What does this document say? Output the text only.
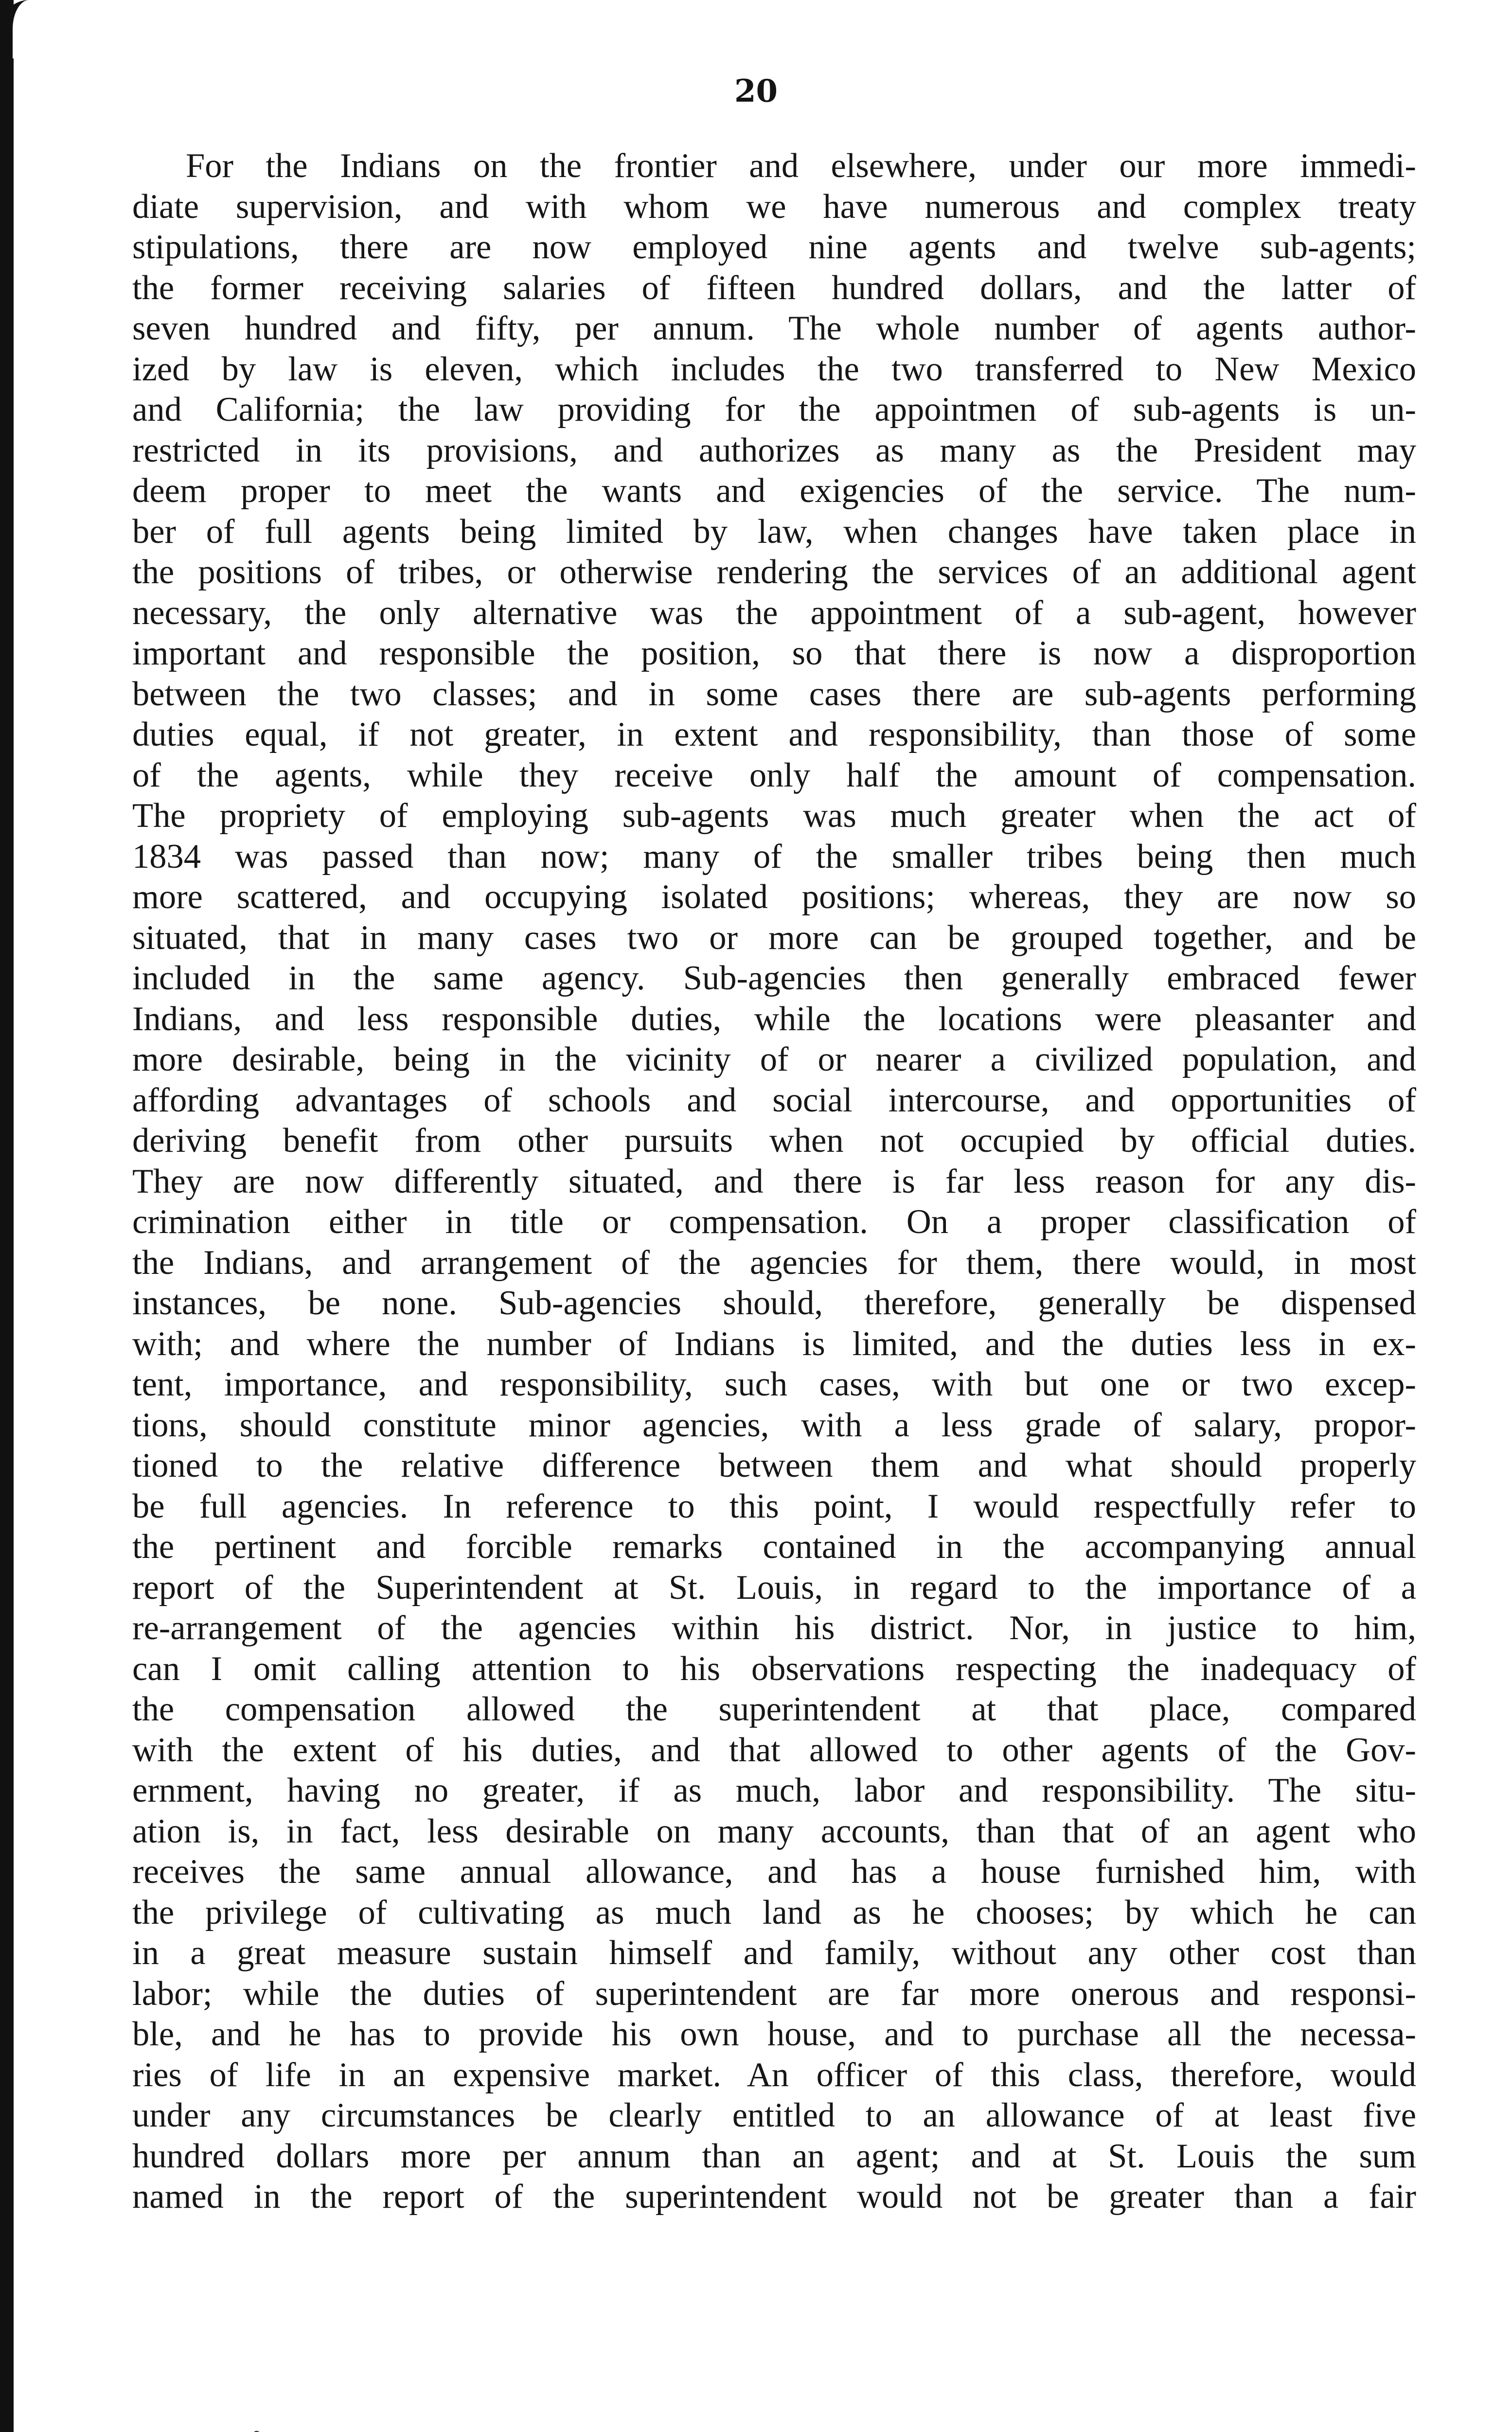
20
For the Indians on the frontier and elsewhere, under our more immedi-
diate supervision, and with whom we have numerous and complex treaty
stipulations, there are now employed nine agents and twelve sub-agents;
the former receiving salaries of fifteen hundred dollars, and the latter of
seven hundred and fifty, per annum. The whole number of agents author-
ized by law is eleven, which includes the two transferred to New Mexico
and California; the law providing for the appointmen of sub-agents is un-
restricted in its provisions, and authorizes as many as the President may
deem proper to meet the wants and exigencies of the service. The num-
ber of full agents being limited by law, when changes have taken place in
the positions of tribes, or otherwise rendering the services of an additional agent
necessary, the only alternative was the appointment of a sub-agent, however
important and responsible the position, so that there is now a disproportion
between the two classes; and in some cases there are sub-agents performing
duties equal, if not greater, in extent and responsibility, than those of some
of the agents, while they receive only half the amount of compensation.
The propriety of employing sub-agents was much greater when the act of
1834 was passed than now; many of the smaller tribes being then much
more scattered, and occupying isolated positions; whereas, they are now so
situated, that in many cases two or more can be grouped together, and be
included in the same agency. Sub-agencies then generally embraced fewer
Indians, and less responsible duties, while the locations were pleasanter and
more desirable, being in the vicinity of or nearer a civilized population, and
affording advantages of schools and social intercourse, and opportunities of
deriving benefit from other pursuits when not occupied by official duties.
They are now differently situated, and there is far less reason for any dis-
crimination either in title or compensation. On a proper classification of
the Indians, and arrangement of the agencies for them, there would, in most
instances, be none. Sub-agencies should, therefore, generally be dispensed
with; and where the number of Indians is limited, and the duties less in ex-
tent, importance, and responsibility, such cases, with but one or two excep-
tions, should constitute minor agencies, with a less grade of salary, propor-
tioned to the relative difference between them and what should properly
be full agencies. In reference to this point, I would respectfully refer to
the pertinent and forcible remarks contained in the accompanying annual
report of the Superintendent at St. Louis, in regard to the importance of a
re-arrangement of the agencies within his district. Nor, in justice to him,
can I omit calling attention to his observations respecting the inadequacy of
the compensation allowed the superintendent at that place, compared
with the extent of his duties, and that allowed to other agents of the Gov-
ernment, having no greater, if as much, labor and responsibility. The situ-
ation is, in fact, less desirable on many accounts, than that of an agent who
receives the same annual allowance, and has a house furnished him, with
the privilege of cultivating as much land as he chooses; by which he can
in a great measure sustain himself and family, without any other cost than
labor; while the duties of superintendent are far more onerous and responsi-
ble, and he has to provide his own house, and to purchase all the necessa-
ries of life in an expensive market. An officer of this class, therefore, would
under any circumstances be clearly entitled to an allowance of at least five
hundred dollars more per annum than an agent; and at St. Louis the sum
named in the report of the superintendent would not be greater than a fair
